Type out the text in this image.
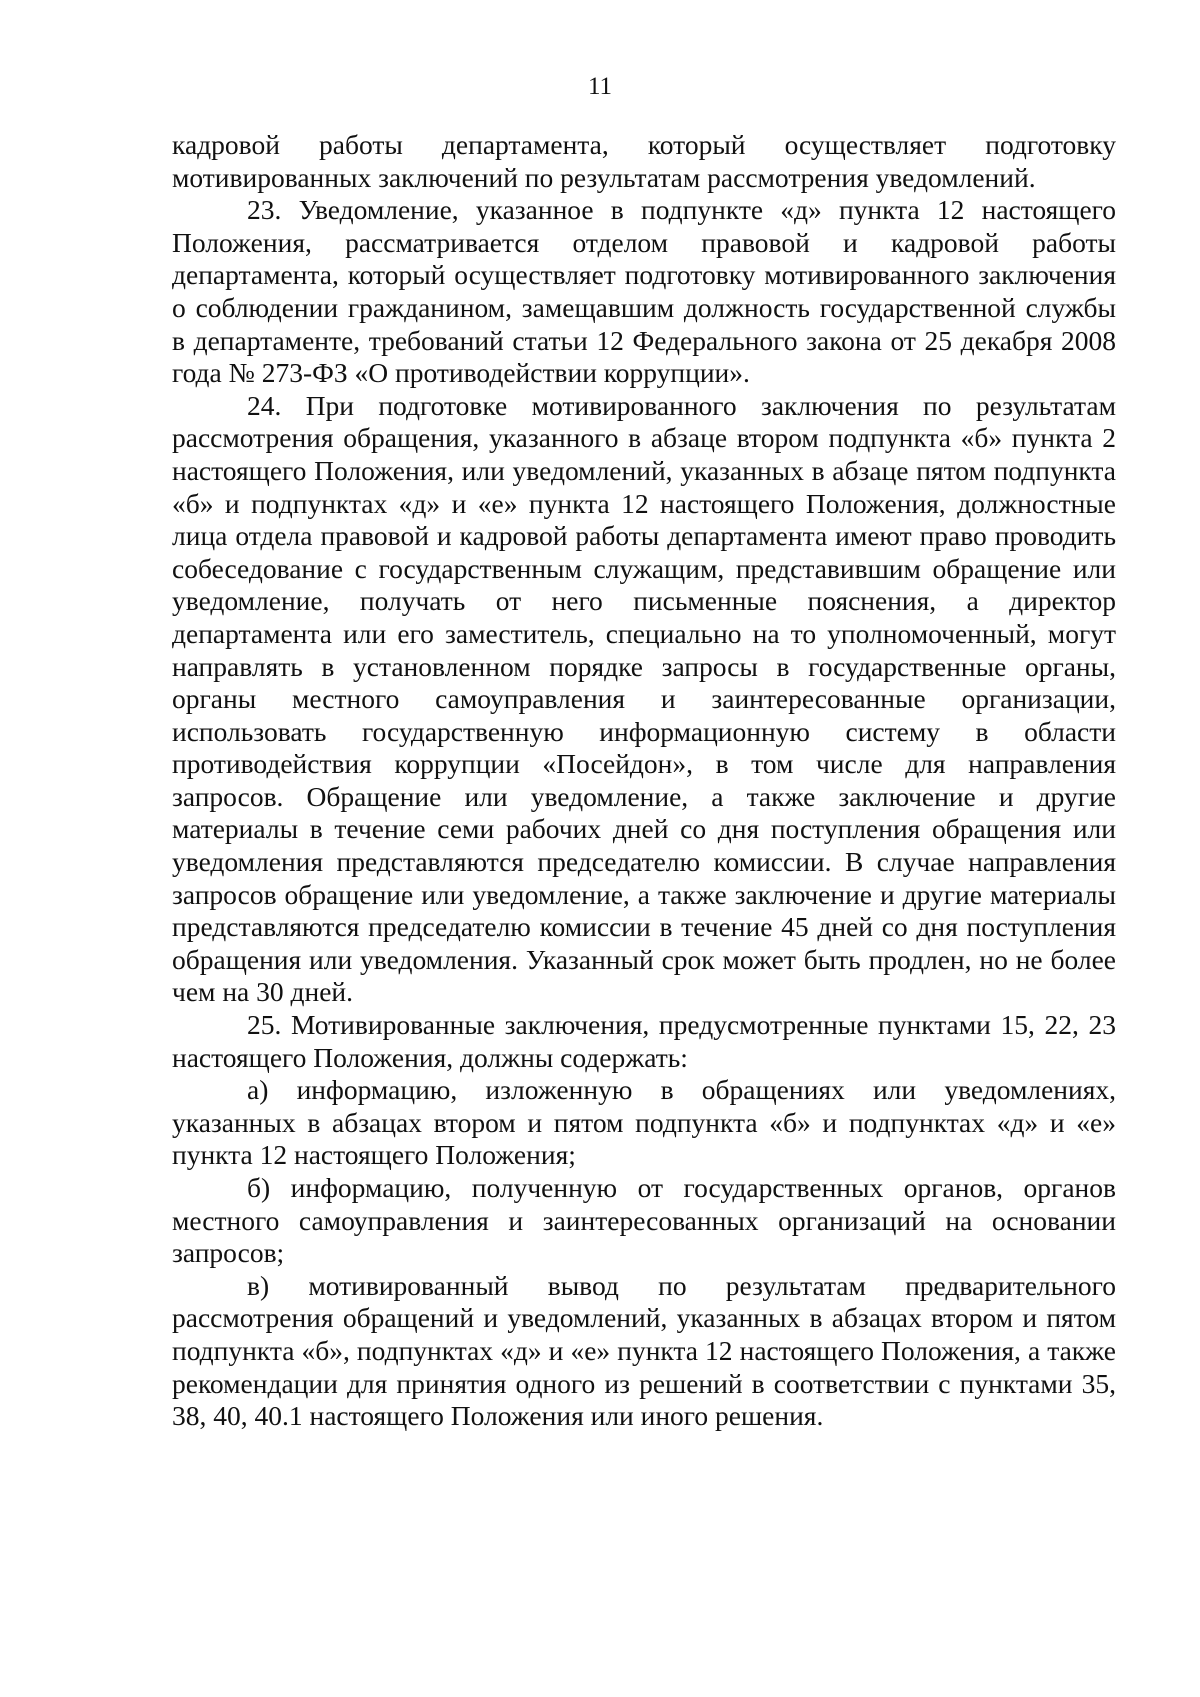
11

кадровой работы департамента, который осуществляет подготовку мотивированных заключений по результатам рассмотрения уведомлений.

23. Уведомление, указанное в подпункте «д» пункта 12 настоящего Положения, рассматривается отделом правовой и кадровой работы департамента, который осуществляет подготовку мотивированного заключения о соблюдении гражданином, замещавшим должность государственной службы в департаменте, требований статьи 12 Федерального закона от 25 декабря 2008 года № 273-ФЗ «О противодействии коррупции».

24. При подготовке мотивированного заключения по результатам рассмотрения обращения, указанного в абзаце втором подпункта «б» пункта 2 настоящего Положения, или уведомлений, указанных в абзаце пятом подпункта «б» и подпунктах «д» и «е» пункта 12 настоящего Положения, должностные лица отдела правовой и кадровой работы департамента имеют право проводить собеседование с государственным служащим, представившим обращение или уведомление, получать от него письменные пояснения, а директор департамента или его заместитель, специально на то уполномоченный, могут направлять в установленном порядке запросы в государственные органы, органы местного самоуправления и заинтересованные организации, использовать государственную информационную систему в области противодействия коррупции «Посейдон», в том числе для направления запросов. Обращение или уведомление, а также заключение и другие материалы в течение семи рабочих дней со дня поступления обращения или уведомления представляются председателю комиссии. В случае направления запросов обращение или уведомление, а также заключение и другие материалы представляются председателю комиссии в течение 45 дней со дня поступления обращения или уведомления. Указанный срок может быть продлен, но не более чем на 30 дней.

25. Мотивированные заключения, предусмотренные пунктами 15, 22, 23 настоящего Положения, должны содержать:

а) информацию, изложенную в обращениях или уведомлениях, указанных в абзацах втором и пятом подпункта «б» и подпунктах «д» и «е» пункта 12 настоящего Положения;

б) информацию, полученную от государственных органов, органов местного самоуправления и заинтересованных организаций на основании запросов;

в) мотивированный вывод по результатам предварительного рассмотрения обращений и уведомлений, указанных в абзацах втором и пятом подпункта «б», подпунктах «д» и «е» пункта 12 настоящего Положения, а также рекомендации для принятия одного из решений в соответствии с пунктами 35, 38, 40, 40.1 настоящего Положения или иного решения.
